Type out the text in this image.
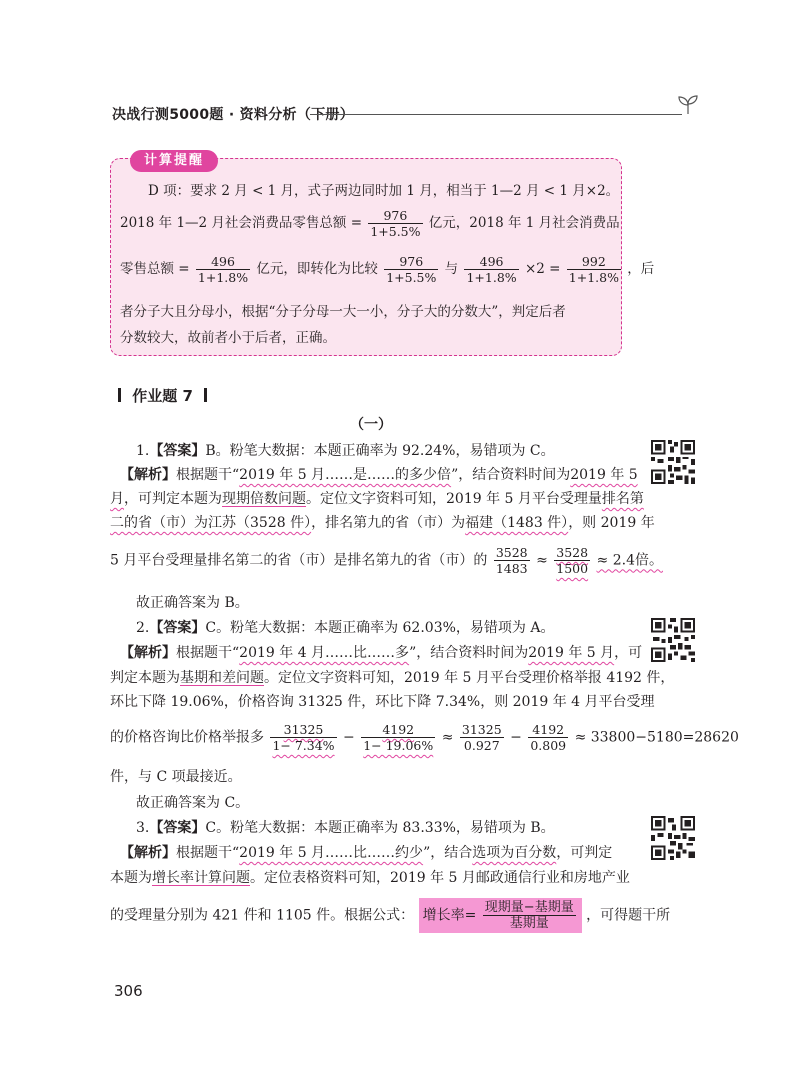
决战行测5000题 · 资料分析（下册）
计算提醒
D 项：要求 2 月 < 1 月，式子两边同时加 1 月，相当于 1—2 月 < 1 月×2。
2018 年 1—2 月社会消费品零售总额 = $\frac{976}{1+5.5\%}$ 亿元，2018 年 1 月社会消费品
零售总额 = $\frac{496}{1+1.8\%}$ 亿元，即转化为比较 $\frac{976}{1+5.5\%}$ 与 $\frac{496}{1+1.8\%} \times 2 = \frac{992}{1+1.8\%}$ ，后
者分子大且分母小，根据“分子分母一大一小，分子大的分数大”，判定后者
分数较大，故前者小于后者，正确。
作业题 7
（一）
1.【答案】B。粉笔大数据：本题正确率为 92.24%，易错项为 C。
【解析】根据题干“2019 年 5 月……是……的多少倍”，结合资料时间为2019 年 5
月，可判定本题为现期倍数问题。定位文字资料可知，2019 年 5 月平台受理量排名第
二的省（市）为江苏（3528 件），排名第九的省（市）为福建（1483 件），则 2019 年
5 月平台受理量排名第二的省（市）是排名第九的省（市）的 $\frac{3528}{1483} \approx \frac{3528}{1500} \approx 2.4$倍。
故正确答案为 B。
2.【答案】C。粉笔大数据：本题正确率为 62.03%，易错项为 A。
【解析】根据题干“2019 年 4 月……比……多”，结合资料时间为2019 年 5 月，可
判定本题为基期和差问题。定位文字资料可知，2019 年 5 月平台受理价格举报 4192 件，
环比下降 19.06%，价格咨询 31325 件，环比下降 7.34%，则 2019 年 4 月平台受理
的价格咨询比价格举报多 $\frac{31325}{1- 7.34\%} - \frac{4192}{1- 19.06\%} \approx \frac{31325}{0.927} - \frac{4192}{0.809} \approx 33800-5180=28620$
件，与 C 项最接近。
故正确答案为 C。
3.【答案】C。粉笔大数据：本题正确率为 83.33%，易错项为 B。
【解析】根据题干“2019 年 5 月……比……约少”，结合选项为百分数，可判定
本题为增长率计算问题。定位表格资料可知，2019 年 5 月邮政通信行业和房地产业
的受理量分别为 421 件和 1105 件。根据公式： 增长率= $\frac{\text{现期量−基期量}}{\text{基期量}}$ ，可得题干所
306
